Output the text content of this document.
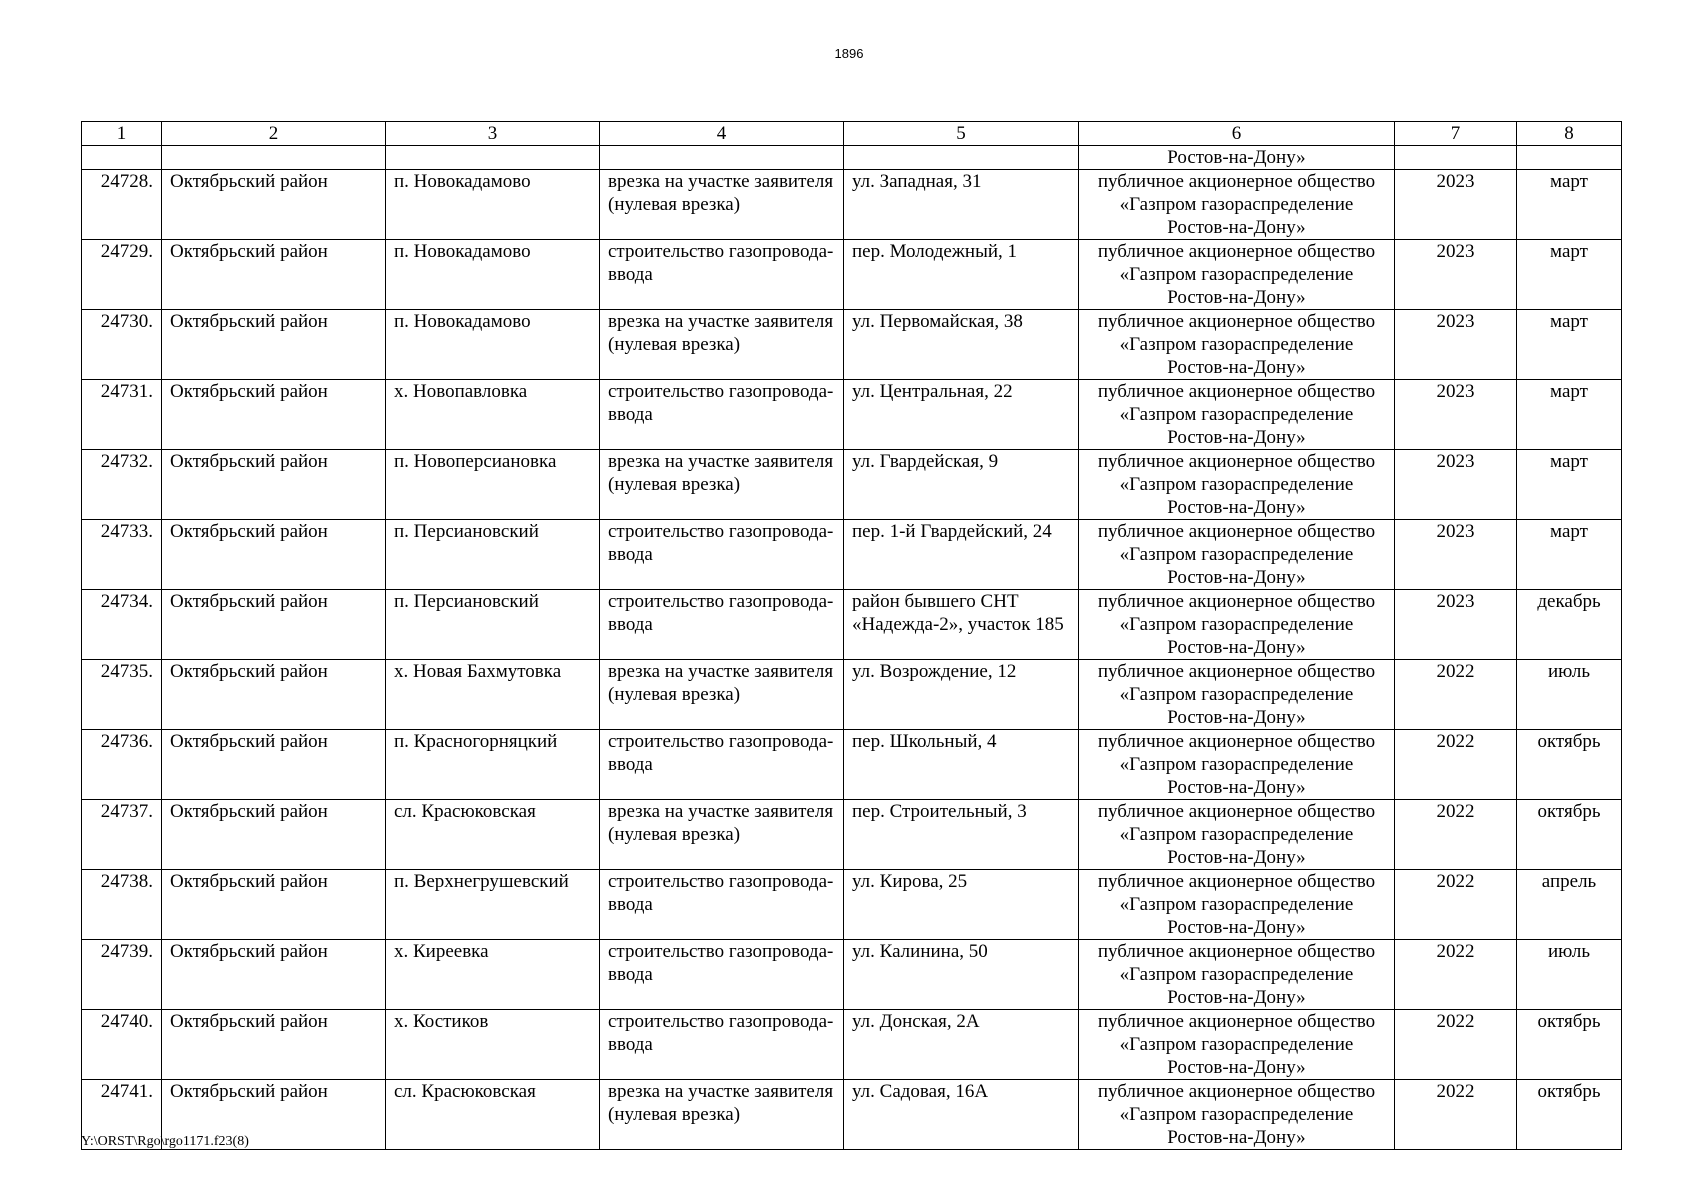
1896
1	2	3	4	5	6	7	8
					Ростов-на-Дону»		
24728.	Октябрьский район	п. Новокадамово	врезка на участке заявителя (нулевая врезка)	ул. Западная, 31	публичное акционерное общество «Газпром газораспределение Ростов-на-Дону»	2023	март
24729.	Октябрьский район	п. Новокадамово	строительство газопровода-ввода	пер. Молодежный, 1	публичное акционерное общество «Газпром газораспределение Ростов-на-Дону»	2023	март
24730.	Октябрьский район	п. Новокадамово	врезка на участке заявителя (нулевая врезка)	ул. Первомайская, 38	публичное акционерное общество «Газпром газораспределение Ростов-на-Дону»	2023	март
24731.	Октябрьский район	х. Новопавловка	строительство газопровода-ввода	ул. Центральная, 22	публичное акционерное общество «Газпром газораспределение Ростов-на-Дону»	2023	март
24732.	Октябрьский район	п. Новоперсиановка	врезка на участке заявителя (нулевая врезка)	ул. Гвардейская, 9	публичное акционерное общество «Газпром газораспределение Ростов-на-Дону»	2023	март
24733.	Октябрьский район	п. Персиановский	строительство газопровода-ввода	пер. 1-й Гвардейский, 24	публичное акционерное общество «Газпром газораспределение Ростов-на-Дону»	2023	март
24734.	Октябрьский район	п. Персиановский	строительство газопровода-ввода	район бывшего СНТ «Надежда-2», участок 185	публичное акционерное общество «Газпром газораспределение Ростов-на-Дону»	2023	декабрь
24735.	Октябрьский район	х. Новая Бахмутовка	врезка на участке заявителя (нулевая врезка)	ул. Возрождение, 12	публичное акционерное общество «Газпром газораспределение Ростов-на-Дону»	2022	июль
24736.	Октябрьский район	п. Красногорняцкий	строительство газопровода-ввода	пер. Школьный, 4	публичное акционерное общество «Газпром газораспределение Ростов-на-Дону»	2022	октябрь
24737.	Октябрьский район	сл. Красюковская	врезка на участке заявителя (нулевая врезка)	пер. Строительный, 3	публичное акционерное общество «Газпром газораспределение Ростов-на-Дону»	2022	октябрь
24738.	Октябрьский район	п. Верхнегрушевский	строительство газопровода-ввода	ул. Кирова, 25	публичное акционерное общество «Газпром газораспределение Ростов-на-Дону»	2022	апрель
24739.	Октябрьский район	х. Киреевка	строительство газопровода-ввода	ул. Калинина, 50	публичное акционерное общество «Газпром газораспределение Ростов-на-Дону»	2022	июль
24740.	Октябрьский район	х. Костиков	строительство газопровода-ввода	ул. Донская, 2А	публичное акционерное общество «Газпром газораспределение Ростов-на-Дону»	2022	октябрь
24741.	Октябрьский район	сл. Красюковская	врезка на участке заявителя (нулевая врезка)	ул. Садовая, 16А	публичное акционерное общество «Газпром газораспределение Ростов-на-Дону»	2022	октябрь
Y:\ORST\Rgo\rgo1171.f23(8)
